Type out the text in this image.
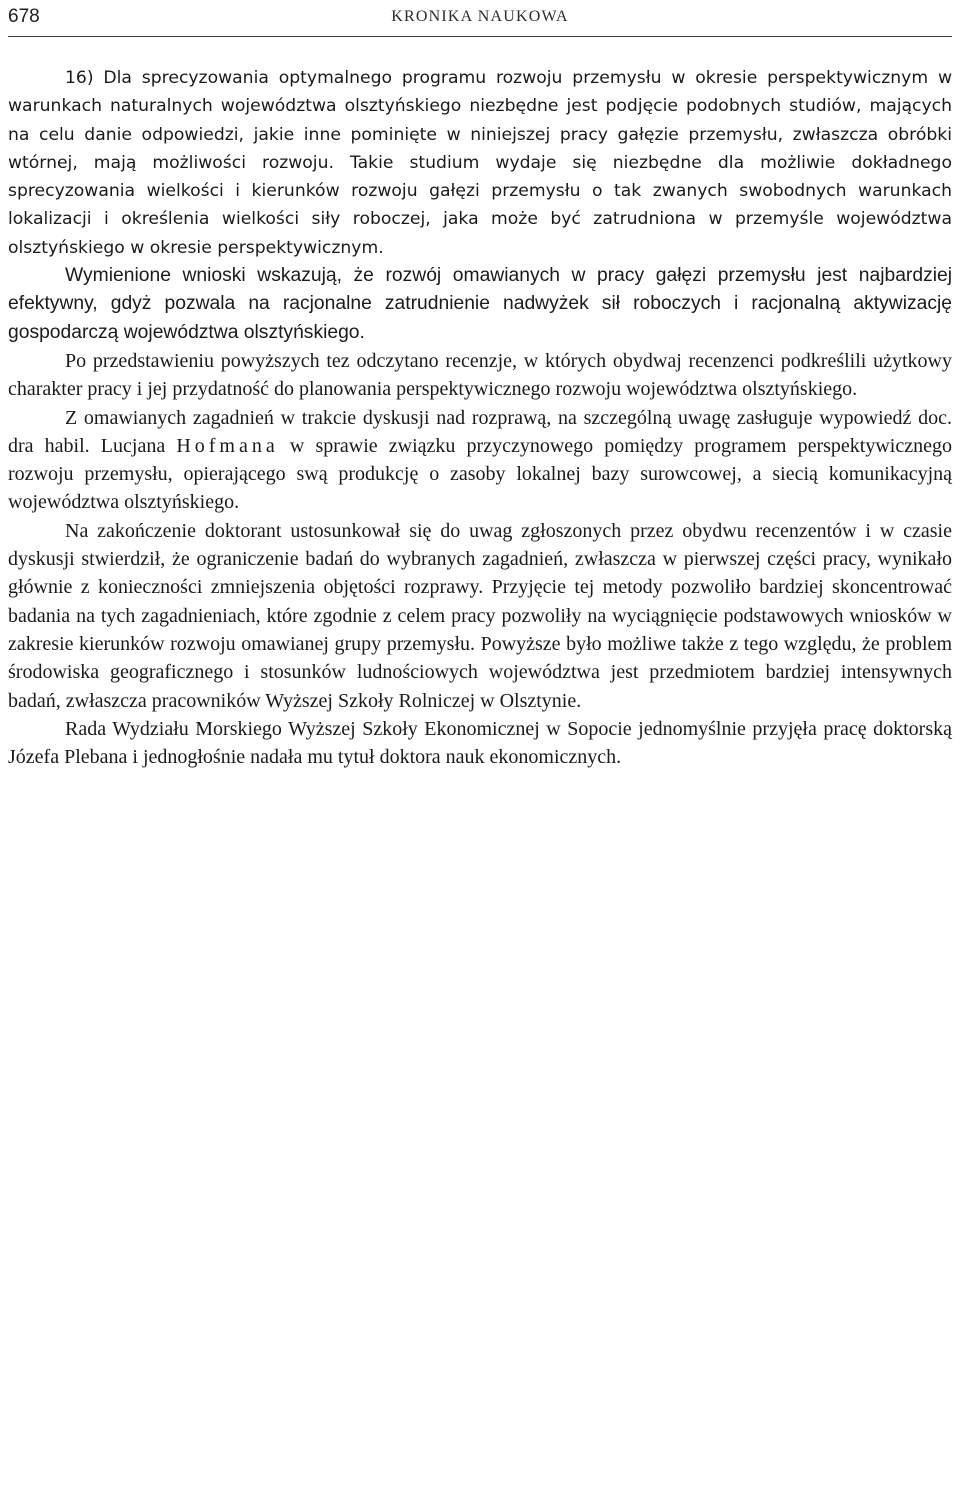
678	KRONIKA NAUKOWA

16) Dla sprecyzowania optymalnego programu rozwoju przemysłu w okresie perspektywicznym w warunkach naturalnych województwa olsztyńskiego niezbędne jest podjęcie podobnych studiów, mających na celu danie odpowiedzi, jakie inne pominięte w niniejszej pracy gałęzie przemysłu, zwłaszcza obróbki wtórnej, mają możliwości rozwoju. Takie studium wydaje się niezbędne dla możliwie dokładnego sprecyzowania wielkości i kierunków rozwoju gałęzi przemysłu o tak zwanych swobodnych warunkach lokalizacji i określenia wielkości siły roboczej, jaka może być zatrudniona w przemyśle województwa olsztyńskiego w okresie perspektywicznym.

Wymienione wnioski wskazują, że rozwój omawianych w pracy gałęzi przemysłu jest najbardziej efektywny, gdyż pozwala na racjonalne zatrudnienie nadwyżek sił roboczych i racjonalną aktywizację gospodarczą województwa olsztyńskiego.

Po przedstawieniu powyższych tez odczytano recenzje, w których obydwaj recenzenci podkreślili użytkowy charakter pracy i jej przydatność do planowania perspektywicznego rozwoju województwa olsztyńskiego.

Z omawianych zagadnień w trakcie dyskusji nad rozprawą, na szczególną uwagę zasługuje wypowiedź doc. dra habil. Lucjana Hofmana w sprawie związku przyczynowego pomiędzy programem perspektywicznego rozwoju przemysłu, opierającego swą produkcję o zasoby lokalnej bazy surowcowej, a siecią komunikacyjną województwa olsztyńskiego.

Na zakończenie doktorant ustosunkował się do uwag zgłoszonych przez obydwu recenzentów i w czasie dyskusji stwierdził, że ograniczenie badań do wybranych zagadnień, zwłaszcza w pierwszej części pracy, wynikało głównie z konieczności zmniejszenia objętości rozprawy. Przyjęcie tej metody pozwoliło bardziej skoncentrować badania na tych zagadnieniach, które zgodnie z celem pracy pozwoliły na wyciągnięcie podstawowych wniosków w zakresie kierunków rozwoju omawianej grupy przemysłu. Powyższe było możliwe także z tego względu, że problem środowiska geograficznego i stosunków ludnościowych województwa jest przedmiotem bardziej intensywnych badań, zwłaszcza pracowników Wyższej Szkoły Rolniczej w Olsztynie.

Rada Wydziału Morskiego Wyższej Szkoły Ekonomicznej w Sopocie jednomyślnie przyjęła pracę doktorską Józefa Plebana i jednogłośnie nadała mu tytuł doktora nauk ekonomicznych.
